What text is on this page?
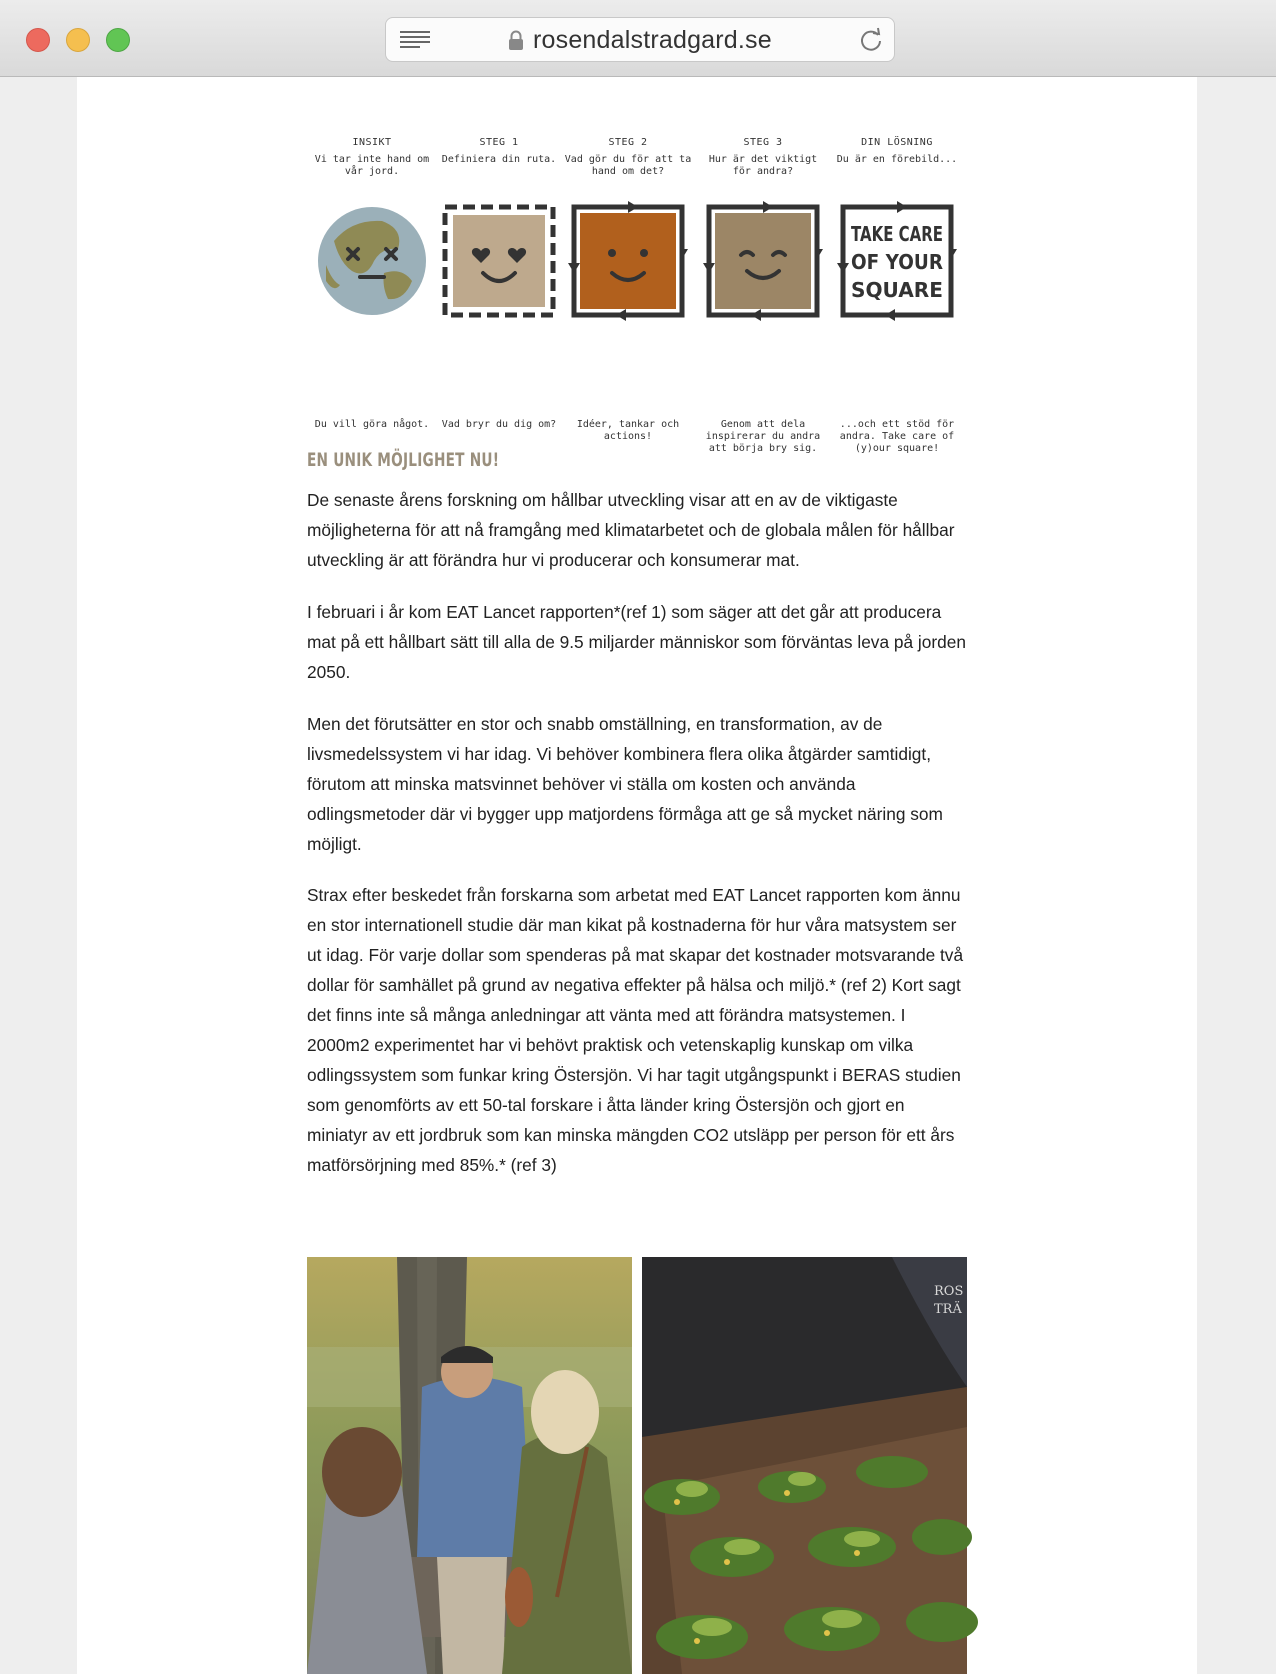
rosendalstradgard.se
INSIKT
Vi tar inte hand om vår jord.
Du vill göra något.
STEG 1
Definiera din ruta.
Vad bryr du dig om?
STEG 2
Vad gör du för att ta hand om det?
Idéer, tankar och actions!
STEG 3
Hur är det viktigt för andra?
Genom att dela inspirerar du andra att börja bry sig.
DIN LÖSNING
Du är en förebild...
TAKE CARE
OF YOUR
SQUARE
...och ett stöd för andra. Take care of (y)our square!
EN UNIK MÖJLIGHET NU!

De senaste årens forskning om hållbar utveckling visar att en av de viktigaste möjligheterna för att nå framgång med klimatarbetet och de globala målen för hållbar utveckling är att förändra hur vi producerar och konsumerar mat.

I februari i år kom EAT Lancet rapporten*(ref 1) som säger att det går att producera mat på ett hållbart sätt till alla de 9.5 miljarder människor som förväntas leva på jorden 2050.

Men det förutsätter en stor och snabb omställning, en transformation, av de livsmedelssystem vi har idag. Vi behöver kombinera flera olika åtgärder samtidigt, förutom att minska matsvinnet behöver vi ställa om kosten och använda odlingsmetoder där vi bygger upp matjordens förmåga att ge så mycket näring som möjligt.

Strax efter beskedet från forskarna som arbetat med EAT Lancet rapporten kom ännu en stor internationell studie där man kikat på kostnaderna för hur våra matsystem ser ut idag. För varje dollar som spenderas på mat skapar det kostnader motsvarande två dollar för samhället på grund av negativa effekter på hälsa och miljö.* (ref 2) Kort sagt det finns inte så många anledningar att vänta med att förändra matsystemen. I 2000m2 experimentet har vi behövt praktisk och vetenskaplig kunskap om vilka odlingssystem som funkar kring Östersjön. Vi har tagit utgångspunkt i BERAS studien som genomförts av ett 50-tal forskare i åtta länder kring Östersjön och gjort en miniatyr av ett jordbruk som kan minska mängden CO2 utsläpp per person för ett års matförsörjning med 85%.* (ref 3)

ROS
TRÄ
